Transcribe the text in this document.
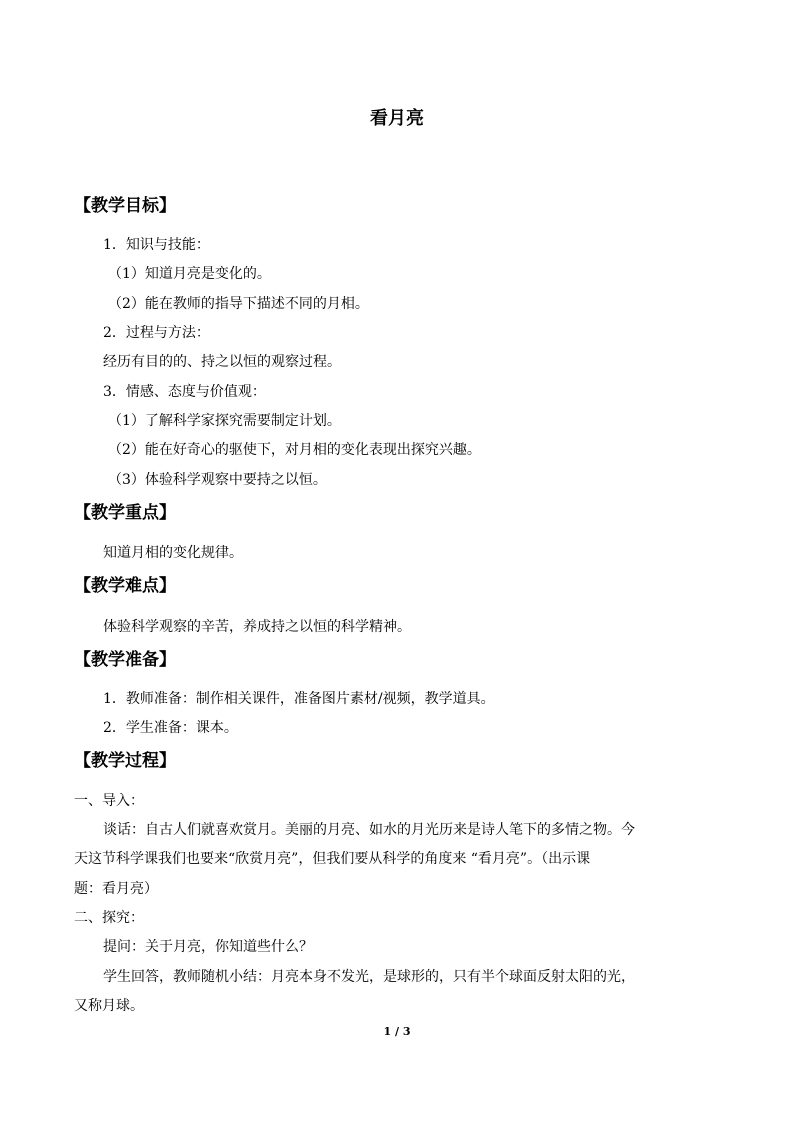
看月亮
【教学目标】
1．知识与技能：
（1）知道月亮是变化的。
（2）能在教师的指导下描述不同的月相。
2．过程与方法：
经历有目的的、持之以恒的观察过程。
3．情感、态度与价值观：
（1）了解科学家探究需要制定计划。
（2）能在好奇心的驱使下，对月相的变化表现出探究兴趣。
（3）体验科学观察中要持之以恒。
【教学重点】
知道月相的变化规律。
【教学难点】
体验科学观察的辛苦，养成持之以恒的科学精神。
【教学准备】
1．教师准备：制作相关课件，准备图片素材/视频，教学道具。
2．学生准备：课本。
【教学过程】
一、导入：
谈话：自古人们就喜欢赏月。美丽的月亮、如水的月光历来是诗人笔下的多情之物。今
天这节科学课我们也要来“欣赏月亮”，但我们要从科学的角度来 “看月亮”。（出示课
题：看月亮）
二、探究：
提问：关于月亮，你知道些什么？
学生回答，教师随机小结：月亮本身不发光，是球形的，只有半个球面反射太阳的光，
又称月球。
1 / 3
